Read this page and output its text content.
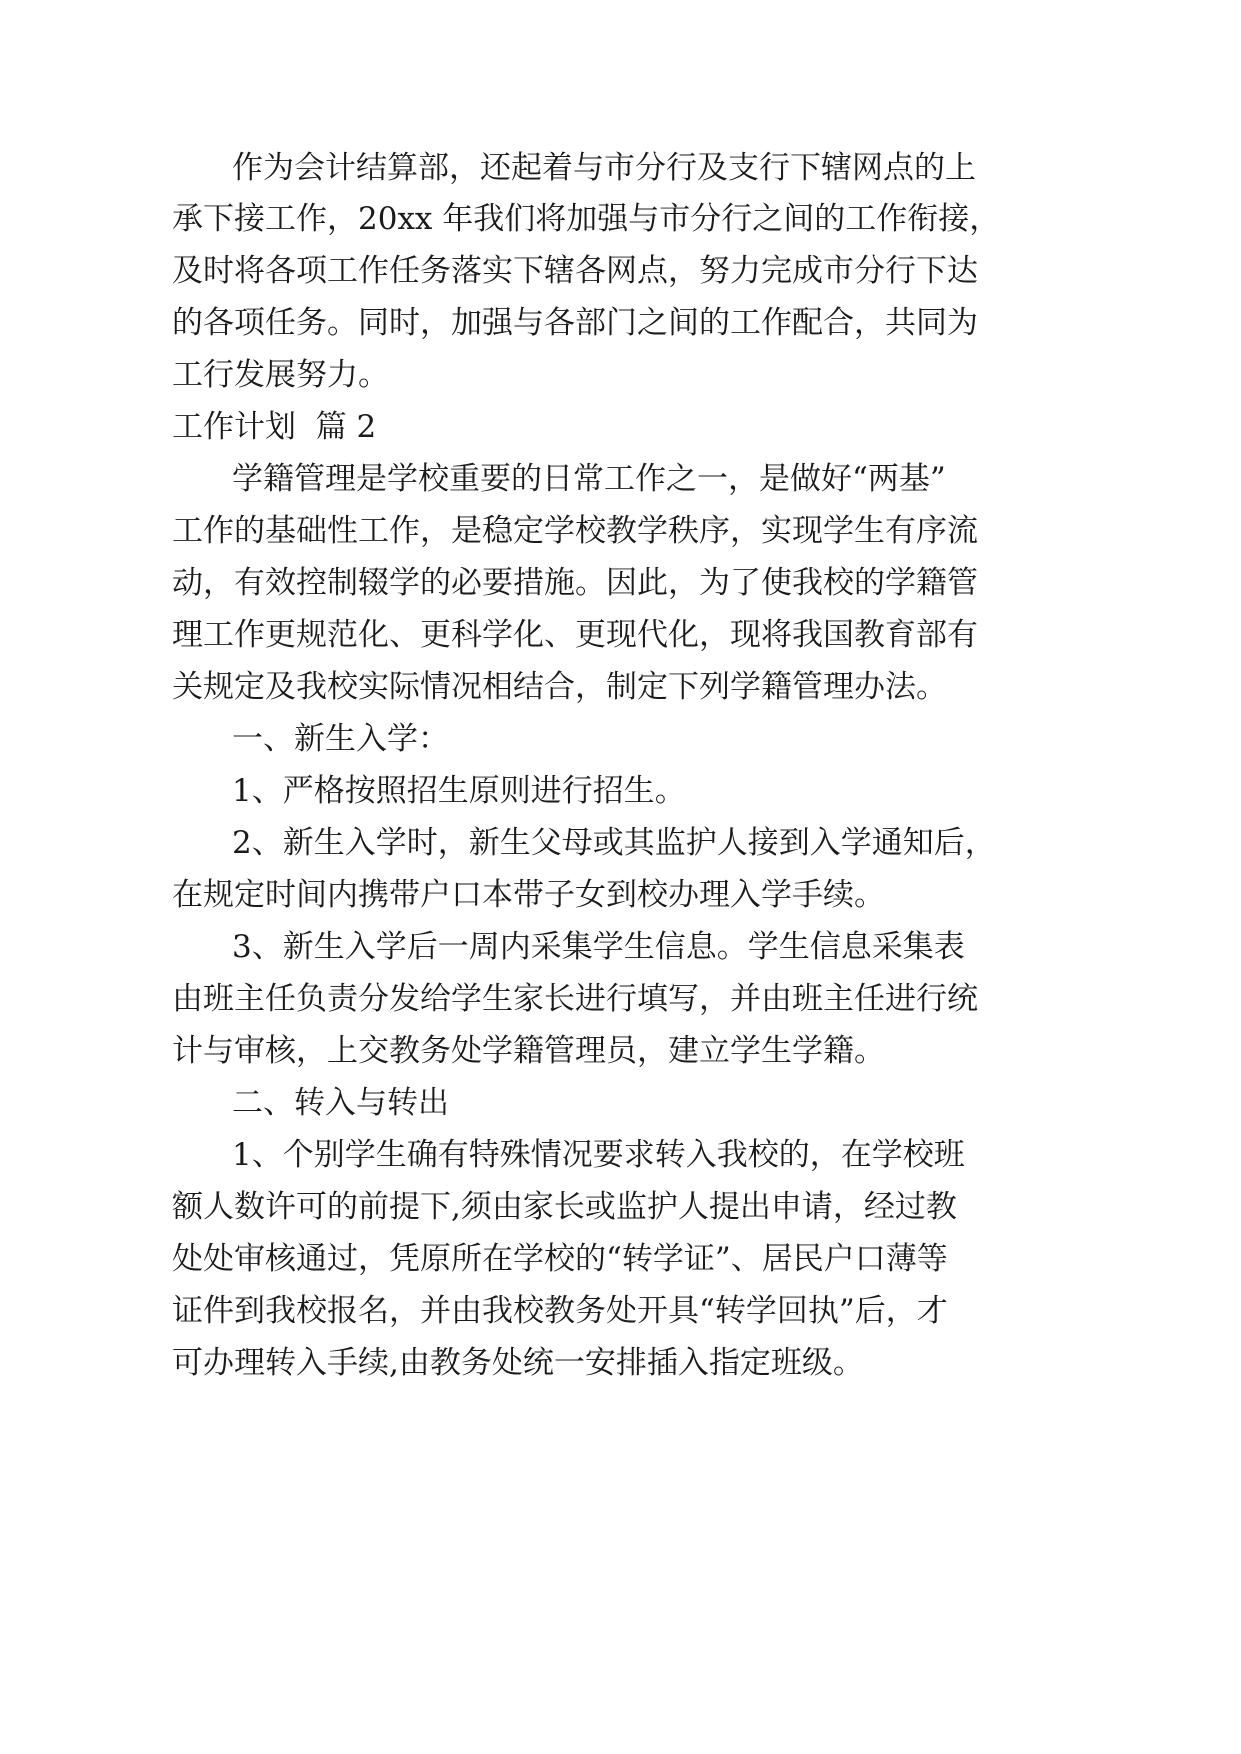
作为会计结算部，还起着与市分行及支行下辖网点的上
承下接工作，20xx 年我们将加强与市分行之间的工作衔接，
及时将各项工作任务落实下辖各网点，努力完成市分行下达
的各项任务。同时，加强与各部门之间的工作配合，共同为
工行发展努力。
工作计划  篇 2
学籍管理是学校重要的日常工作之一，是做好“两基”
工作的基础性工作，是稳定学校教学秩序，实现学生有序流
动，有效控制辍学的必要措施。因此，为了使我校的学籍管
理工作更规范化、更科学化、更现代化，现将我国教育部有
关规定及我校实际情况相结合，制定下列学籍管理办法。
一、新生入学：
1、严格按照招生原则进行招生。
2、新生入学时，新生父母或其监护人接到入学通知后，
在规定时间内携带户口本带子女到校办理入学手续。
3、新生入学后一周内采集学生信息。学生信息采集表
由班主任负责分发给学生家长进行填写，并由班主任进行统
计与审核，上交教务处学籍管理员，建立学生学籍。
二、转入与转出
1、个别学生确有特殊情况要求转入我校的，在学校班
额人数许可的前提下,须由家长或监护人提出申请，经过教
处处审核通过，凭原所在学校的“转学证”、居民户口薄等
证件到我校报名，并由我校教务处开具“转学回执”后，才
可办理转入手续,由教务处统一安排插入指定班级。
